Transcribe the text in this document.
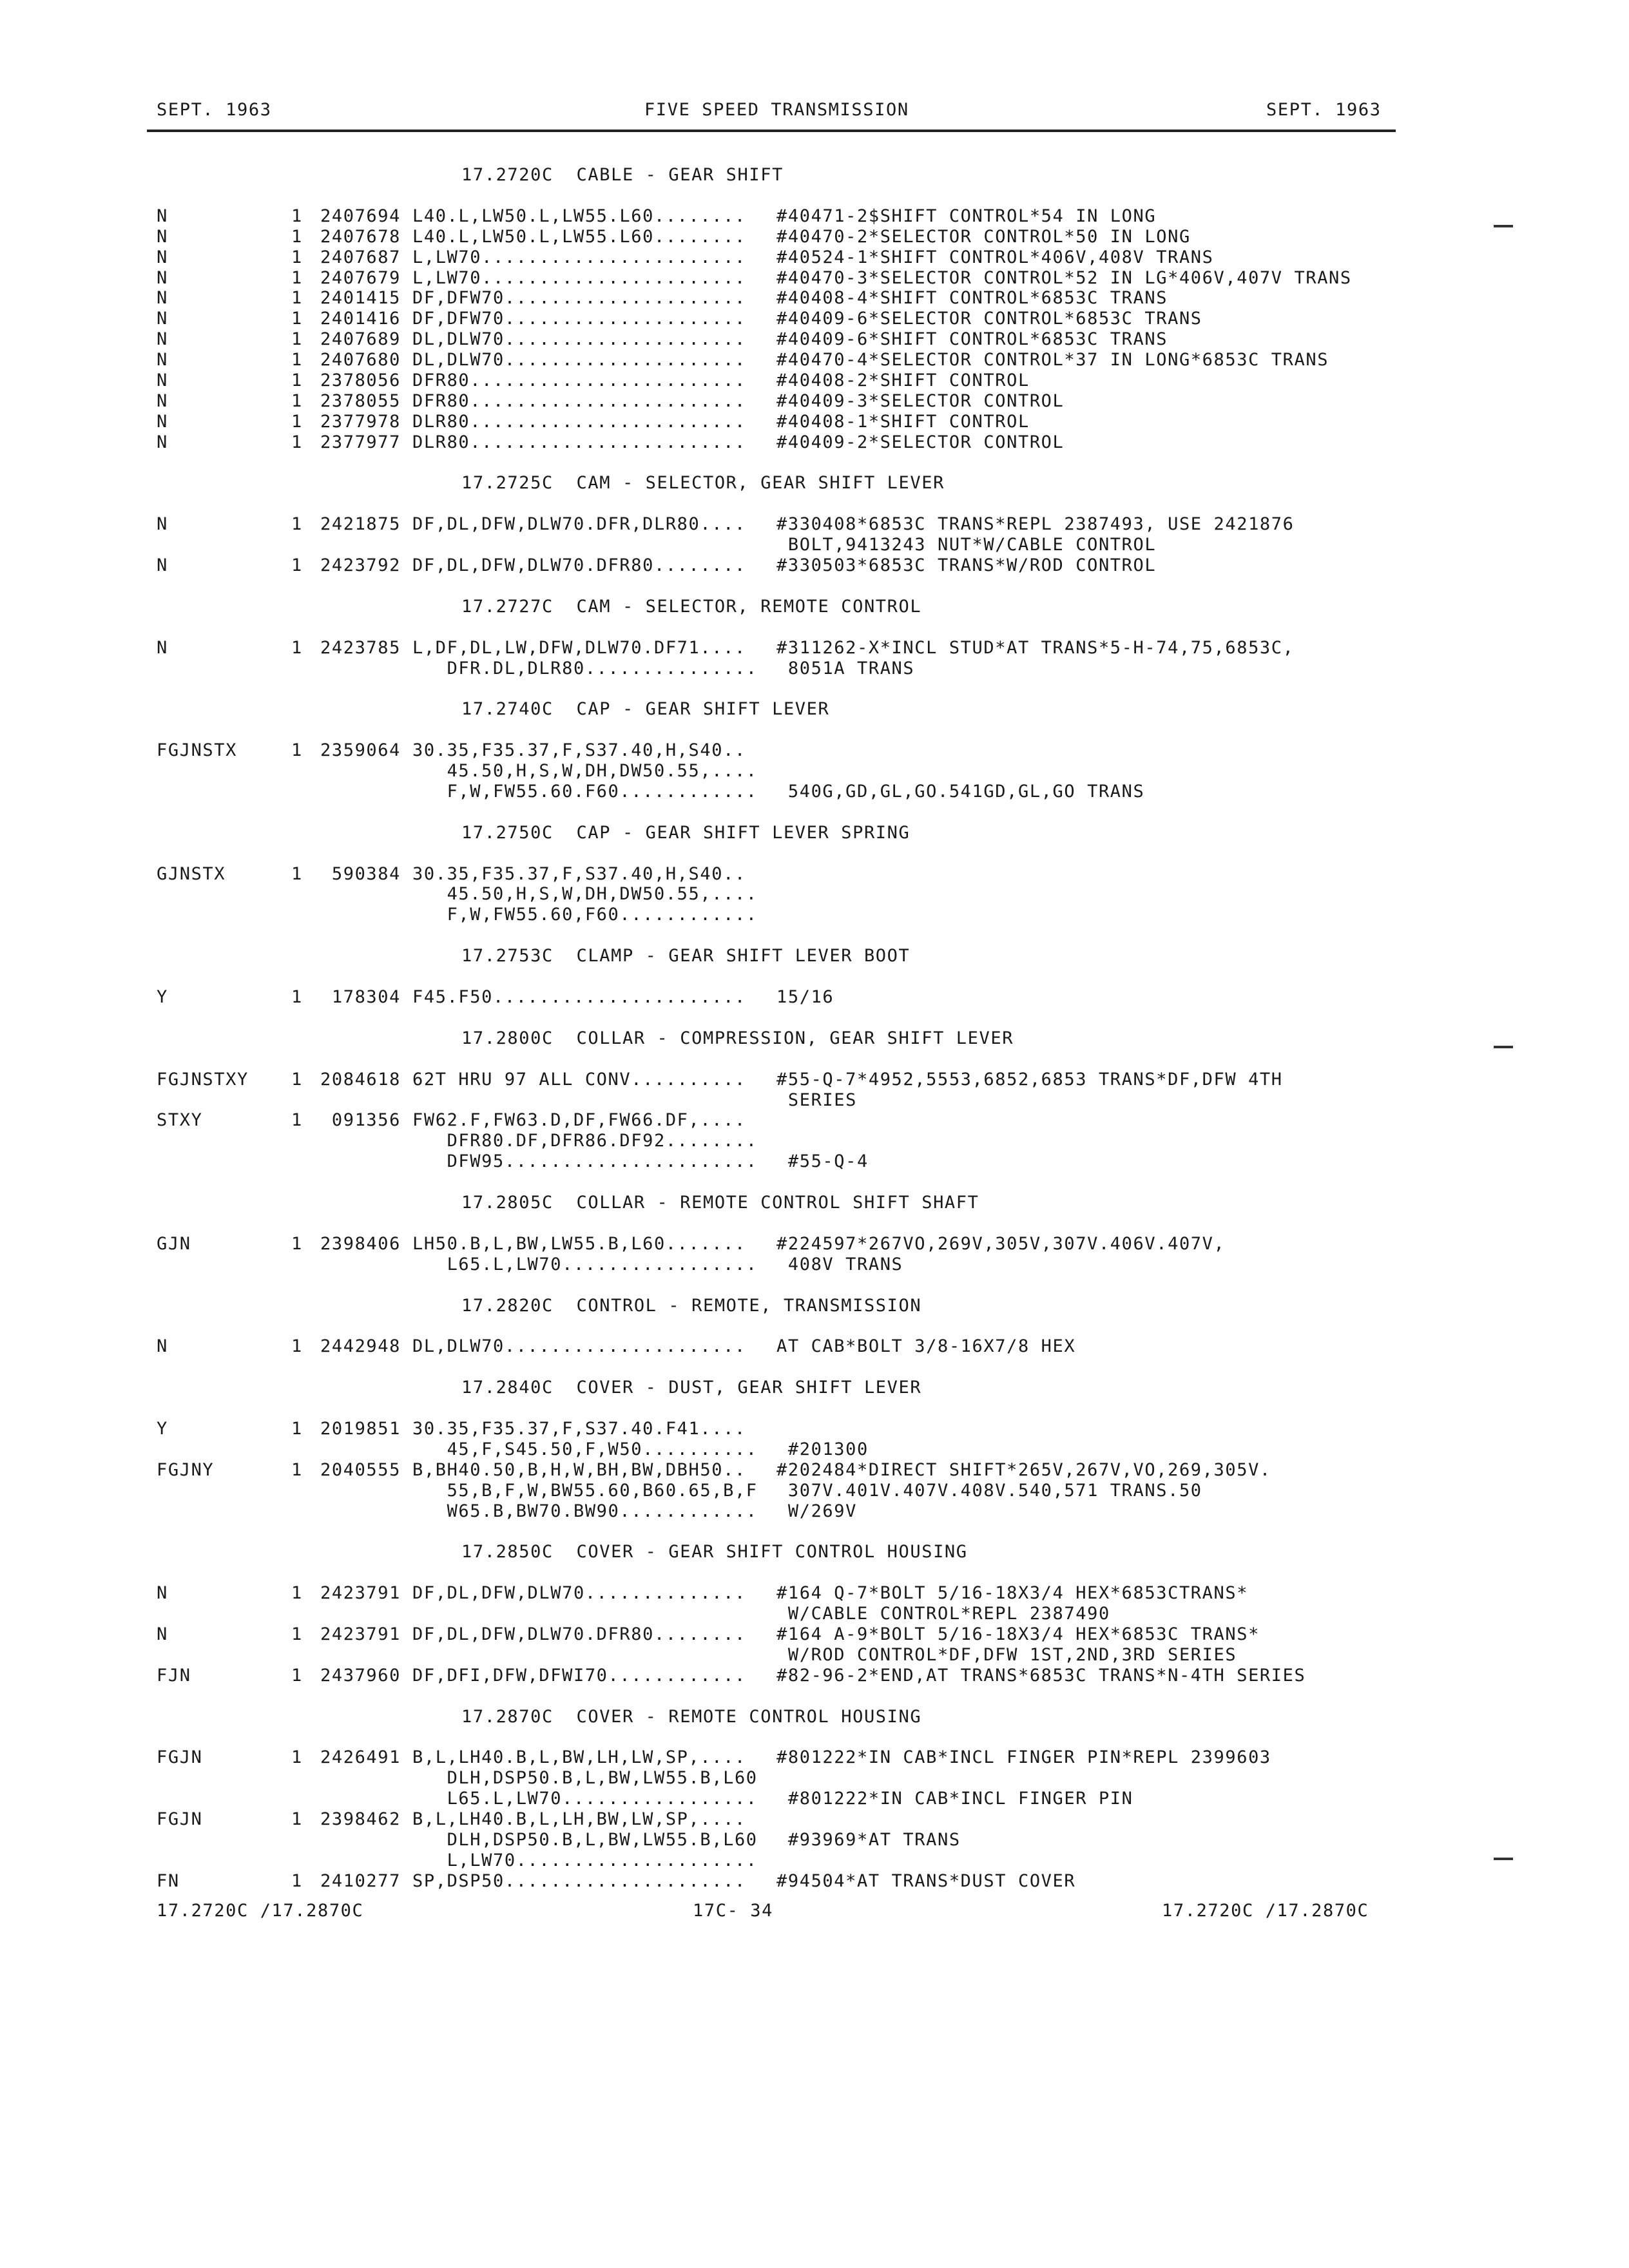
SEPT. 1963	FIVE SPEED TRANSMISSION	SEPT. 1963
17.2720C  CABLE - GEAR SHIFT
N	1	2407694 L40.L,LW50.L,LW55.L60........ #40471-2$SHIFT CONTROL*54 IN LONG
N	1	2407678 L40.L,LW50.L,LW55.L60........ #40470-2*SELECTOR CONTROL*50 IN LONG
N	1	2407687 L,LW70....................... #40524-1*SHIFT CONTROL*406V,408V TRANS
N	1	2407679 L,LW70....................... #40470-3*SELECTOR CONTROL*52 IN LG*406V,407V TRANS
N	1	2401415 DF,DFW70..................... #40408-4*SHIFT CONTROL*6853C TRANS
N	1	2401416 DF,DFW70..................... #40409-6*SELECTOR CONTROL*6853C TRANS
N	1	2407689 DL,DLW70..................... #40409-6*SHIFT CONTROL*6853C TRANS
N	1	2407680 DL,DLW70..................... #40470-4*SELECTOR CONTROL*37 IN LONG*6853C TRANS
N	1	2378056 DFR80........................ #40408-2*SHIFT CONTROL
N	1	2378055 DFR80........................ #40409-3*SELECTOR CONTROL
N	1	2377978 DLR80........................ #40408-1*SHIFT CONTROL
N	1	2377977 DLR80........................ #40409-2*SELECTOR CONTROL
17.2725C  CAM - SELECTOR, GEAR SHIFT LEVER
N	1	2421875 DF,DL,DFW,DLW70.DFR,DLR80.... #330408*6853C TRANS*REPL 2387493, USE 2421876
BOLT,9413243 NUT*W/CABLE CONTROL
N	1	2423792 DF,DL,DFW,DLW70.DFR80........ #330503*6853C TRANS*W/ROD CONTROL
17.2727C  CAM - SELECTOR, REMOTE CONTROL
N	1	2423785 L,DF,DL,LW,DFW,DLW70.DF71.... #311262-X*INCL STUD*AT TRANS*5-H-74,75,6853C,
DFR.DL,DLR80............... 8051A TRANS
17.2740C  CAP - GEAR SHIFT LEVER
FGJNSTX	1	2359064 30.35,F35.37,F,S37.40,H,S40..
45.50,H,S,W,DH,DW50.55,....
F,W,FW55.60.F60............ 540G,GD,GL,GO.541GD,GL,GO TRANS
17.2750C  CAP - GEAR SHIFT LEVER SPRING
GJNSTX	1	590384 30.35,F35.37,F,S37.40,H,S40..
45.50,H,S,W,DH,DW50.55,....
F,W,FW55.60,F60............
17.2753C  CLAMP - GEAR SHIFT LEVER BOOT
Y	1	178304 F45.F50...................... 15/16
17.2800C  COLLAR - COMPRESSION, GEAR SHIFT LEVER
FGJNSTXY 1	2084618 62T HRU 97 ALL CONV.......... #55-Q-7*4952,5553,6852,6853 TRANS*DF,DFW 4TH
SERIES
STXY	1	091356 FW62.F,FW63.D,DF,FW66.DF,....
DFR80.DF,DFR86.DF92........
DFW95...................... #55-Q-4
17.2805C  COLLAR - REMOTE CONTROL SHIFT SHAFT
GJN	1	2398406 LH50.B,L,BW,LW55.B,L60....... #224597*267VO,269V,305V,307V.406V.407V,
L65.L,LW70................. 408V TRANS
17.2820C  CONTROL - REMOTE, TRANSMISSION
N	1	2442948 DL,DLW70..................... AT CAB*BOLT 3/8-16X7/8 HEX
17.2840C  COVER - DUST, GEAR SHIFT LEVER
Y	1	2019851 30.35,F35.37,F,S37.40.F41....
45,F,S45.50,F,W50.......... #201300
FGJNY	1	2040555 B,BH40.50,B,H,W,BH,BW,DBH50.. #202484*DIRECT SHIFT*265V,267V,VO,269,305V.
55,B,F,W,BW55.60,B60.65,B,F 307V.401V.407V.408V.540,571 TRANS.50
W65.B,BW70.BW90............ W/269V
17.2850C  COVER - GEAR SHIFT CONTROL HOUSING
N	1	2423791 DF,DL,DFW,DLW70.............. #164 Q-7*BOLT 5/16-18X3/4 HEX*6853CTRANS*
W/CABLE CONTROL*REPL 2387490
N	1	2423791 DF,DL,DFW,DLW70.DFR80........ #164 A-9*BOLT 5/16-18X3/4 HEX*6853C TRANS*
W/ROD CONTROL*DF,DFW 1ST,2ND,3RD SERIES
FJN	1	2437960 DF,DFI,DFW,DFWI70............ #82-96-2*END,AT TRANS*6853C TRANS*N-4TH SERIES
17.2870C  COVER - REMOTE CONTROL HOUSING
FGJN	1	2426491 B,L,LH40.B,L,BW,LH,LW,SP,.... #801222*IN CAB*INCL FINGER PIN*REPL 2399603
DLH,DSP50.B,L,BW,LW55.B,L60
L65.L,LW70................. #801222*IN CAB*INCL FINGER PIN
FGJN	1	2398462 B,L,LH40.B,L,LH,BW,LW,SP,....
DLH,DSP50.B,L,BW,LW55.B,L60 #93969*AT TRANS
L,LW70.....................
FN	1	2410277 SP,DSP50..................... #94504*AT TRANS*DUST COVER
17.2720C /17.2870C	17C- 34	17.2720C /17.2870C
